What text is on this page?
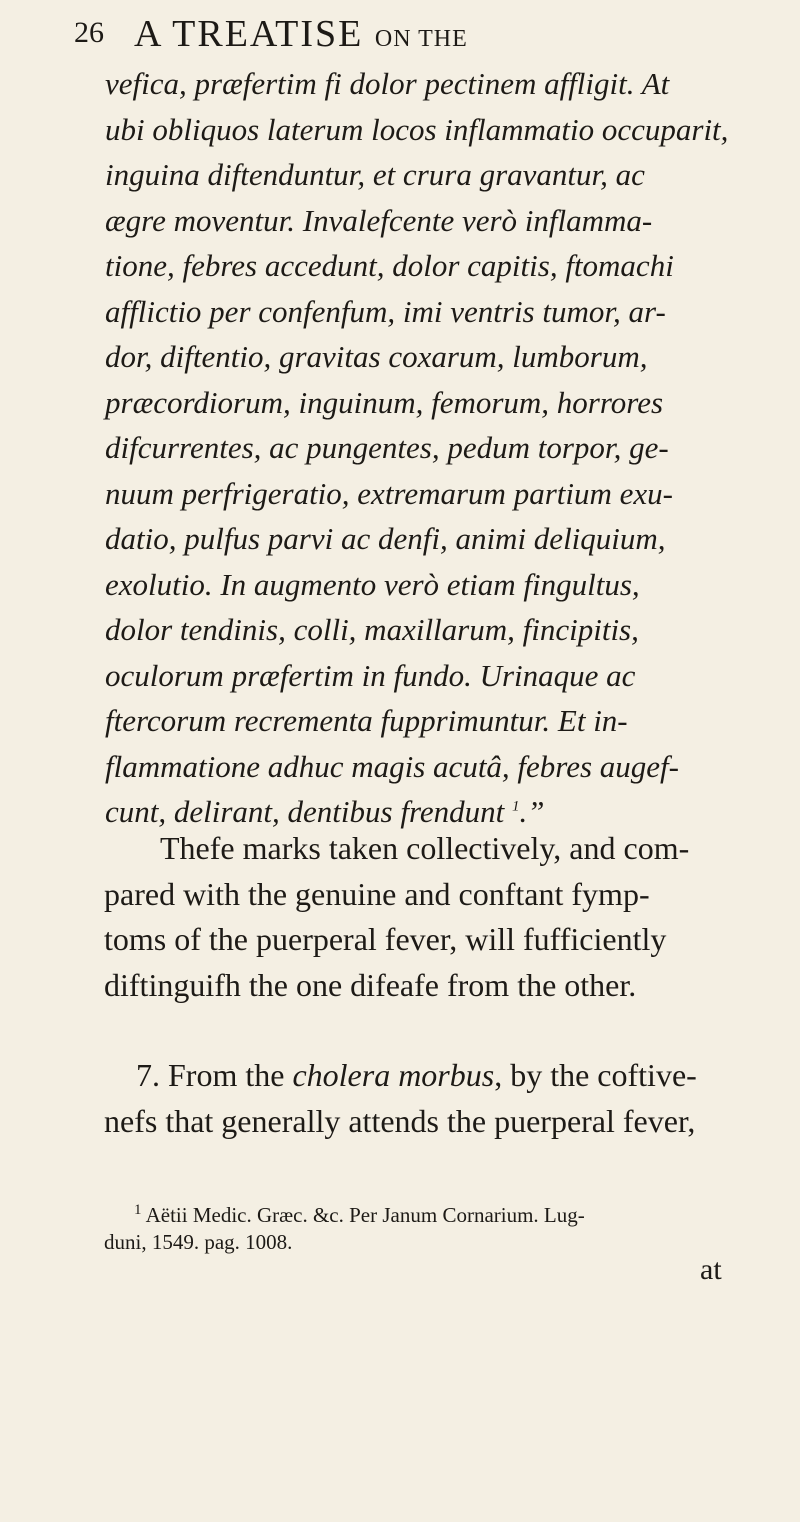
26 A TREATISE ON THE
vefica, præfertim fi dolor pectinem affligit. At
ubi obliquos laterum locos inflammatio occuparit,
inguina diftenduntur, et crura gravantur, ac
ægre moventur. Invalefcente verò inflamma-
tione, febres accedunt, dolor capitis, ftomachi
afflictio per confenfum, imi ventris tumor, ar-
dor, diftentio, gravitas coxarum, lumborum,
præcordiorum, inguinum, femorum, horrores
difcurrentes, ac pungentes, pedum torpor, ge-
nuum perfrigeratio, extremarum partium exu-
datio, pulfus parvi ac denfi, animi deliquium,
exolutio. In augmento verò etiam fingultus,
dolor tendinis, colli, maxillarum, fincipitis,
oculorum præfertim in fundo. Urinaque ac
ftercorum recrementa fupprimuntur. Et in-
flammatione adhuc magis acutâ, febres augef-
cunt, delirant, dentibus frendunt $^1$.”
Thefe marks taken collectively, and com-
pared with the genuine and conftant fymp-
toms of the puerperal fever, will fufficiently
diftinguifh the one difeafe from the other.
7. From the cholera morbus, by the coftive-
nefs that generally attends the puerperal fever,
$^1$ Aëtii Medic. Græc. &c. Per Janum Cornarium. Lug-
duni, 1549. pag. 1008.
at
